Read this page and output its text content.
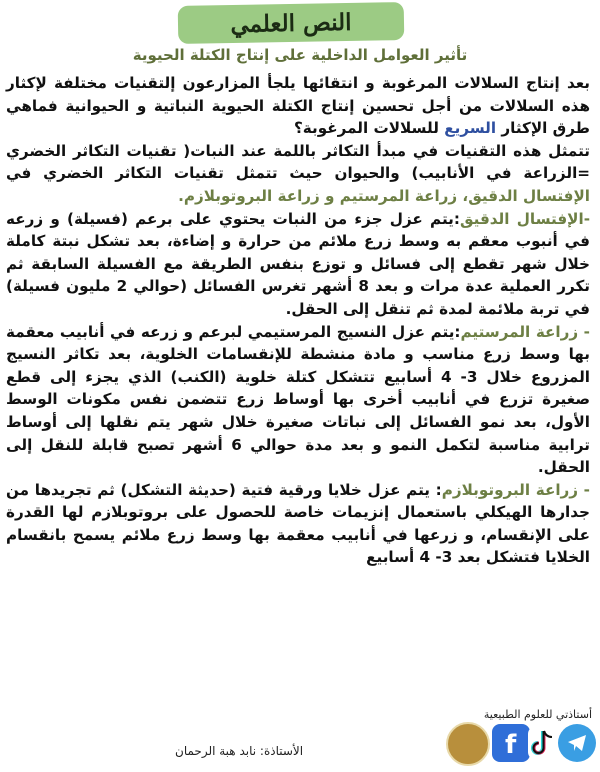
النص العلمي
تأثير العوامل الداخلية على إنتاج الكتلة الحيوية

بعد إنتاج السلالات المرغوبة و انتقائها يلجأ المزارعون إلتقنيات مختلفة لإكثار هذه السلالات من أجل تحسين إنتاج الكتلة الحيوية النباتية و الحيوانية فماهي طرق الإكثار السريع للسلالات المرغوبة؟

تتمثل هذه التقنيات في مبدأ التكاثر باللمة عند النبات( تقنيات التكاثر الخضري =الزراعة في الأنابيب) والحيوان حيث تتمثل تقنيات التكاثر الخضري في الإفتسال الدقيق، زراعة المرستيم و زراعة البروتوبلازم.

-الإفتسال الدقيق:يتم عزل جزء من النبات يحتوي على برعم (فسيلة) و زرعه في أنبوب معقم به وسط زرع ملائم من حرارة و إضاءة، بعد تشكل نبتة كاملة خلال شهر تقطع إلى فسائل و توزع بنفس الطريقة مع الفسيلة السابقة ثم تكرر العملية عدة مرات و بعد 8 أشهر تغرس الفسائل (حوالي 2 مليون فسيلة) في تربة ملائمة لمدة ثم تنقل إلى الحقل.

- زراعة المرستيم:يتم عزل النسيج المرستيمي لبرعم و زرعه في أنابيب معقمة بها وسط زرع مناسب و مادة منشطة للإنقسامات الخلوية، بعد تكاثر النسيج المزروع خلال 3- 4 أسابيع تتشكل كتلة خلوية (الكنب) الذي يجزء إلى قطع صغيرة تزرع في أنابيب أخرى بها أوساط زرع تتضمن نفس مكونات الوسط الأول، بعد نمو الفسائل إلى نباتات صغيرة خلال شهر يتم نقلها إلى أوساط ترابية مناسبة لتكمل النمو و بعد مدة حوالي 6 أشهر تصبح قابلة للنقل إلى الحقل.

- زراعة البروتوبلازم: يتم عزل خلايا ورقية فتية (حديثة التشكل) ثم تجريدها من جدارها الهيكلي باستعمال إنزيمات خاصة للحصول على بروتوبلازم لها القدرة على الإنقسام، و زرعها في أنابيب معقمة بها وسط زرع ملائم يسمح بانقسام الخلايا فتشكل بعد 3- 4 أسابيع

أستاذتي للعلوم الطبيعية
الأستاذة: نابد هبة الرحمان	f
